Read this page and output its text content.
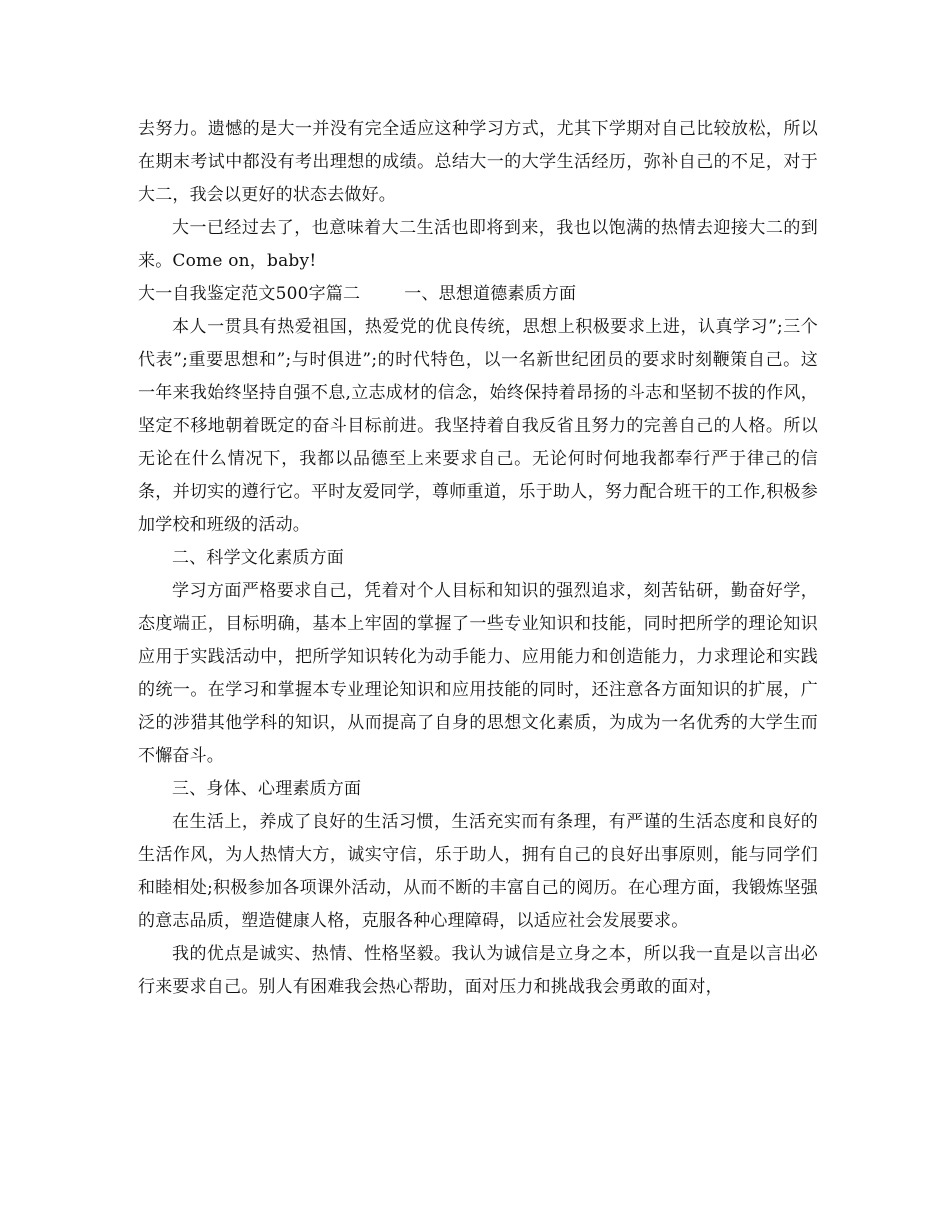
去努力。遗憾的是大一并没有完全适应这种学习方式，尤其下学期对自己比较放松，所以在期末考试中都没有考出理想的成绩。总结大一的大学生活经历，弥补自己的不足，对于大二，我会以更好的状态去做好。

大一已经过去了，也意味着大二生活也即将到来，我也以饱满的热情去迎接大二的到来。Come on，baby!

大一自我鉴定范文500字篇二	一、思想道德素质方面

本人一贯具有热爱祖国，热爱党的优良传统，思想上积极要求上进，认真学习”;三个代表”;重要思想和”;与时俱进”;的时代特色，以一名新世纪团员的要求时刻鞭策自己。这一年来我始终坚持自强不息,立志成材的信念，始终保持着昂扬的斗志和坚韧不拔的作风，坚定不移地朝着既定的奋斗目标前进。我坚持着自我反省且努力的完善自己的人格。所以无论在什么情况下，我都以品德至上来要求自己。无论何时何地我都奉行严于律己的信条，并切实的遵行它。平时友爱同学，尊师重道，乐于助人，努力配合班干的工作,积极参加学校和班级的活动。

二、科学文化素质方面

学习方面严格要求自己，凭着对个人目标和知识的强烈追求，刻苦钻研，勤奋好学，态度端正，目标明确，基本上牢固的掌握了一些专业知识和技能，同时把所学的理论知识应用于实践活动中，把所学知识转化为动手能力、应用能力和创造能力，力求理论和实践的统一。在学习和掌握本专业理论知识和应用技能的同时，还注意各方面知识的扩展，广泛的涉猎其他学科的知识，从而提高了自身的思想文化素质，为成为一名优秀的大学生而不懈奋斗。

三、身体、心理素质方面

在生活上，养成了良好的生活习惯，生活充实而有条理，有严谨的生活态度和良好的生活作风，为人热情大方，诚实守信，乐于助人，拥有自己的良好出事原则，能与同学们和睦相处;积极参加各项课外活动，从而不断的丰富自己的阅历。在心理方面，我锻炼坚强的意志品质，塑造健康人格，克服各种心理障碍，以适应社会发展要求。

我的优点是诚实、热情、性格坚毅。我认为诚信是立身之本，所以我一直是以言出必行来要求自己。别人有困难我会热心帮助，面对压力和挑战我会勇敢的面对，
